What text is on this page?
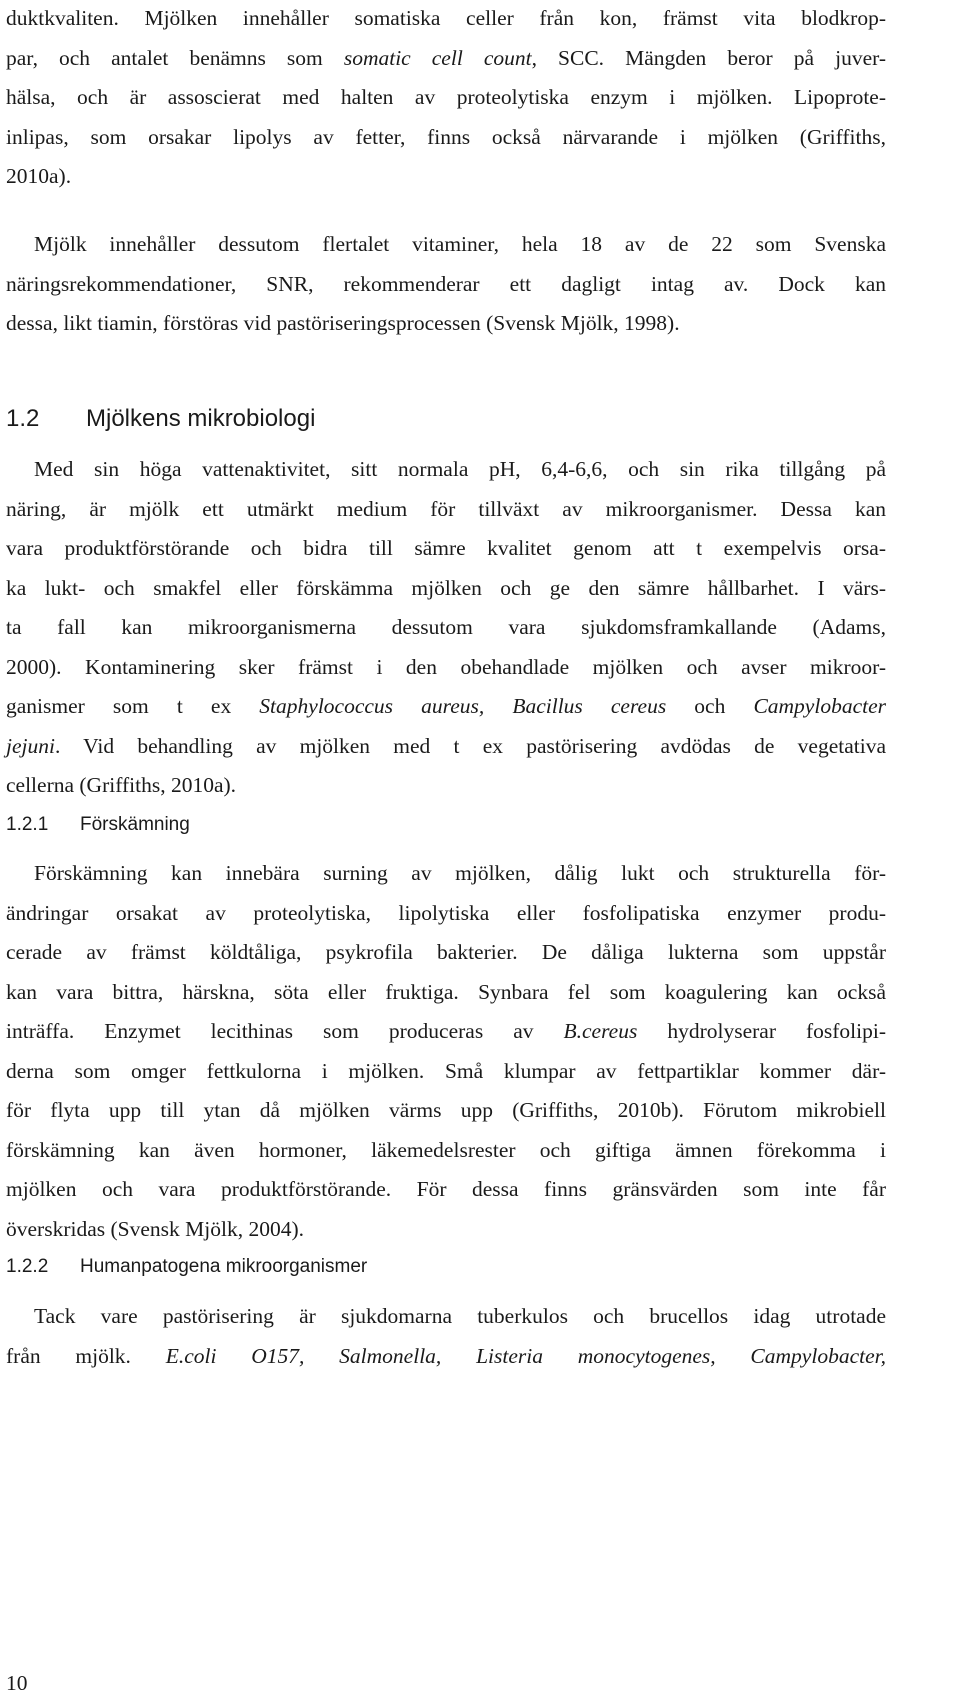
duktkvaliten. Mjölken innehåller somatiska celler från kon, främst vita blodkrop-
par, och antalet benämns som somatic cell count, SCC. Mängden beror på juver-
hälsa, och är assoscierat med halten av proteolytiska enzym i mjölken. Lipoprote-
inlipas, som orsakar lipolys av fetter, finns också närvarande i mjölken (Griffiths,
2010a).
Mjölk innehåller dessutom flertalet vitaminer, hela 18 av de 22 som Svenska
näringsrekommendationer, SNR, rekommenderar ett dagligt intag av. Dock kan
dessa, likt tiamin, förstöras vid pastöriseringsprocessen (Svensk Mjölk, 1998).
1.2 Mjölkens mikrobiologi
Med sin höga vattenaktivitet, sitt normala pH, 6,4-6,6, och sin rika tillgång på
näring, är mjölk ett utmärkt medium för tillväxt av mikroorganismer. Dessa kan
vara produktförstörande och bidra till sämre kvalitet genom att t exempelvis orsa-
ka lukt- och smakfel eller förskämma mjölken och ge den sämre hållbarhet. I värs-
ta fall kan mikroorganismerna dessutom vara sjukdomsframkallande (Adams,
2000). Kontaminering sker främst i den obehandlade mjölken och avser mikroor-
ganismer som t ex Staphylococcus aureus, Bacillus cereus och Campylobacter
jejuni. Vid behandling av mjölken med t ex pastörisering avdödas de vegetativa
cellerna (Griffiths, 2010a).
1.2.1 Förskämning
Förskämning kan innebära surning av mjölken, dålig lukt och strukturella för-
ändringar orsakat av proteolytiska, lipolytiska eller fosfolipatiska enzymer produ-
cerade av främst köldtåliga, psykrofila bakterier. De dåliga lukterna som uppstår
kan vara bittra, härskna, söta eller fruktiga. Synbara fel som koagulering kan också
inträffa. Enzymet lecithinas som produceras av B.cereus hydrolyserar fosfolipi-
derna som omger fettkulorna i mjölken. Små klumpar av fettpartiklar kommer där-
för flyta upp till ytan då mjölken värms upp (Griffiths, 2010b). Förutom mikrobiell
förskämning kan även hormoner, läkemedelsrester och giftiga ämnen förekomma i
mjölken och vara produktförstörande. För dessa finns gränsvärden som inte får
överskridas (Svensk Mjölk, 2004).
1.2.2 Humanpatogena mikroorganismer
Tack vare pastörisering är sjukdomarna tuberkulos och brucellos idag utrotade
från mjölk. E.coli O157, Salmonella, Listeria monocytogenes, Campylobacter,
10
